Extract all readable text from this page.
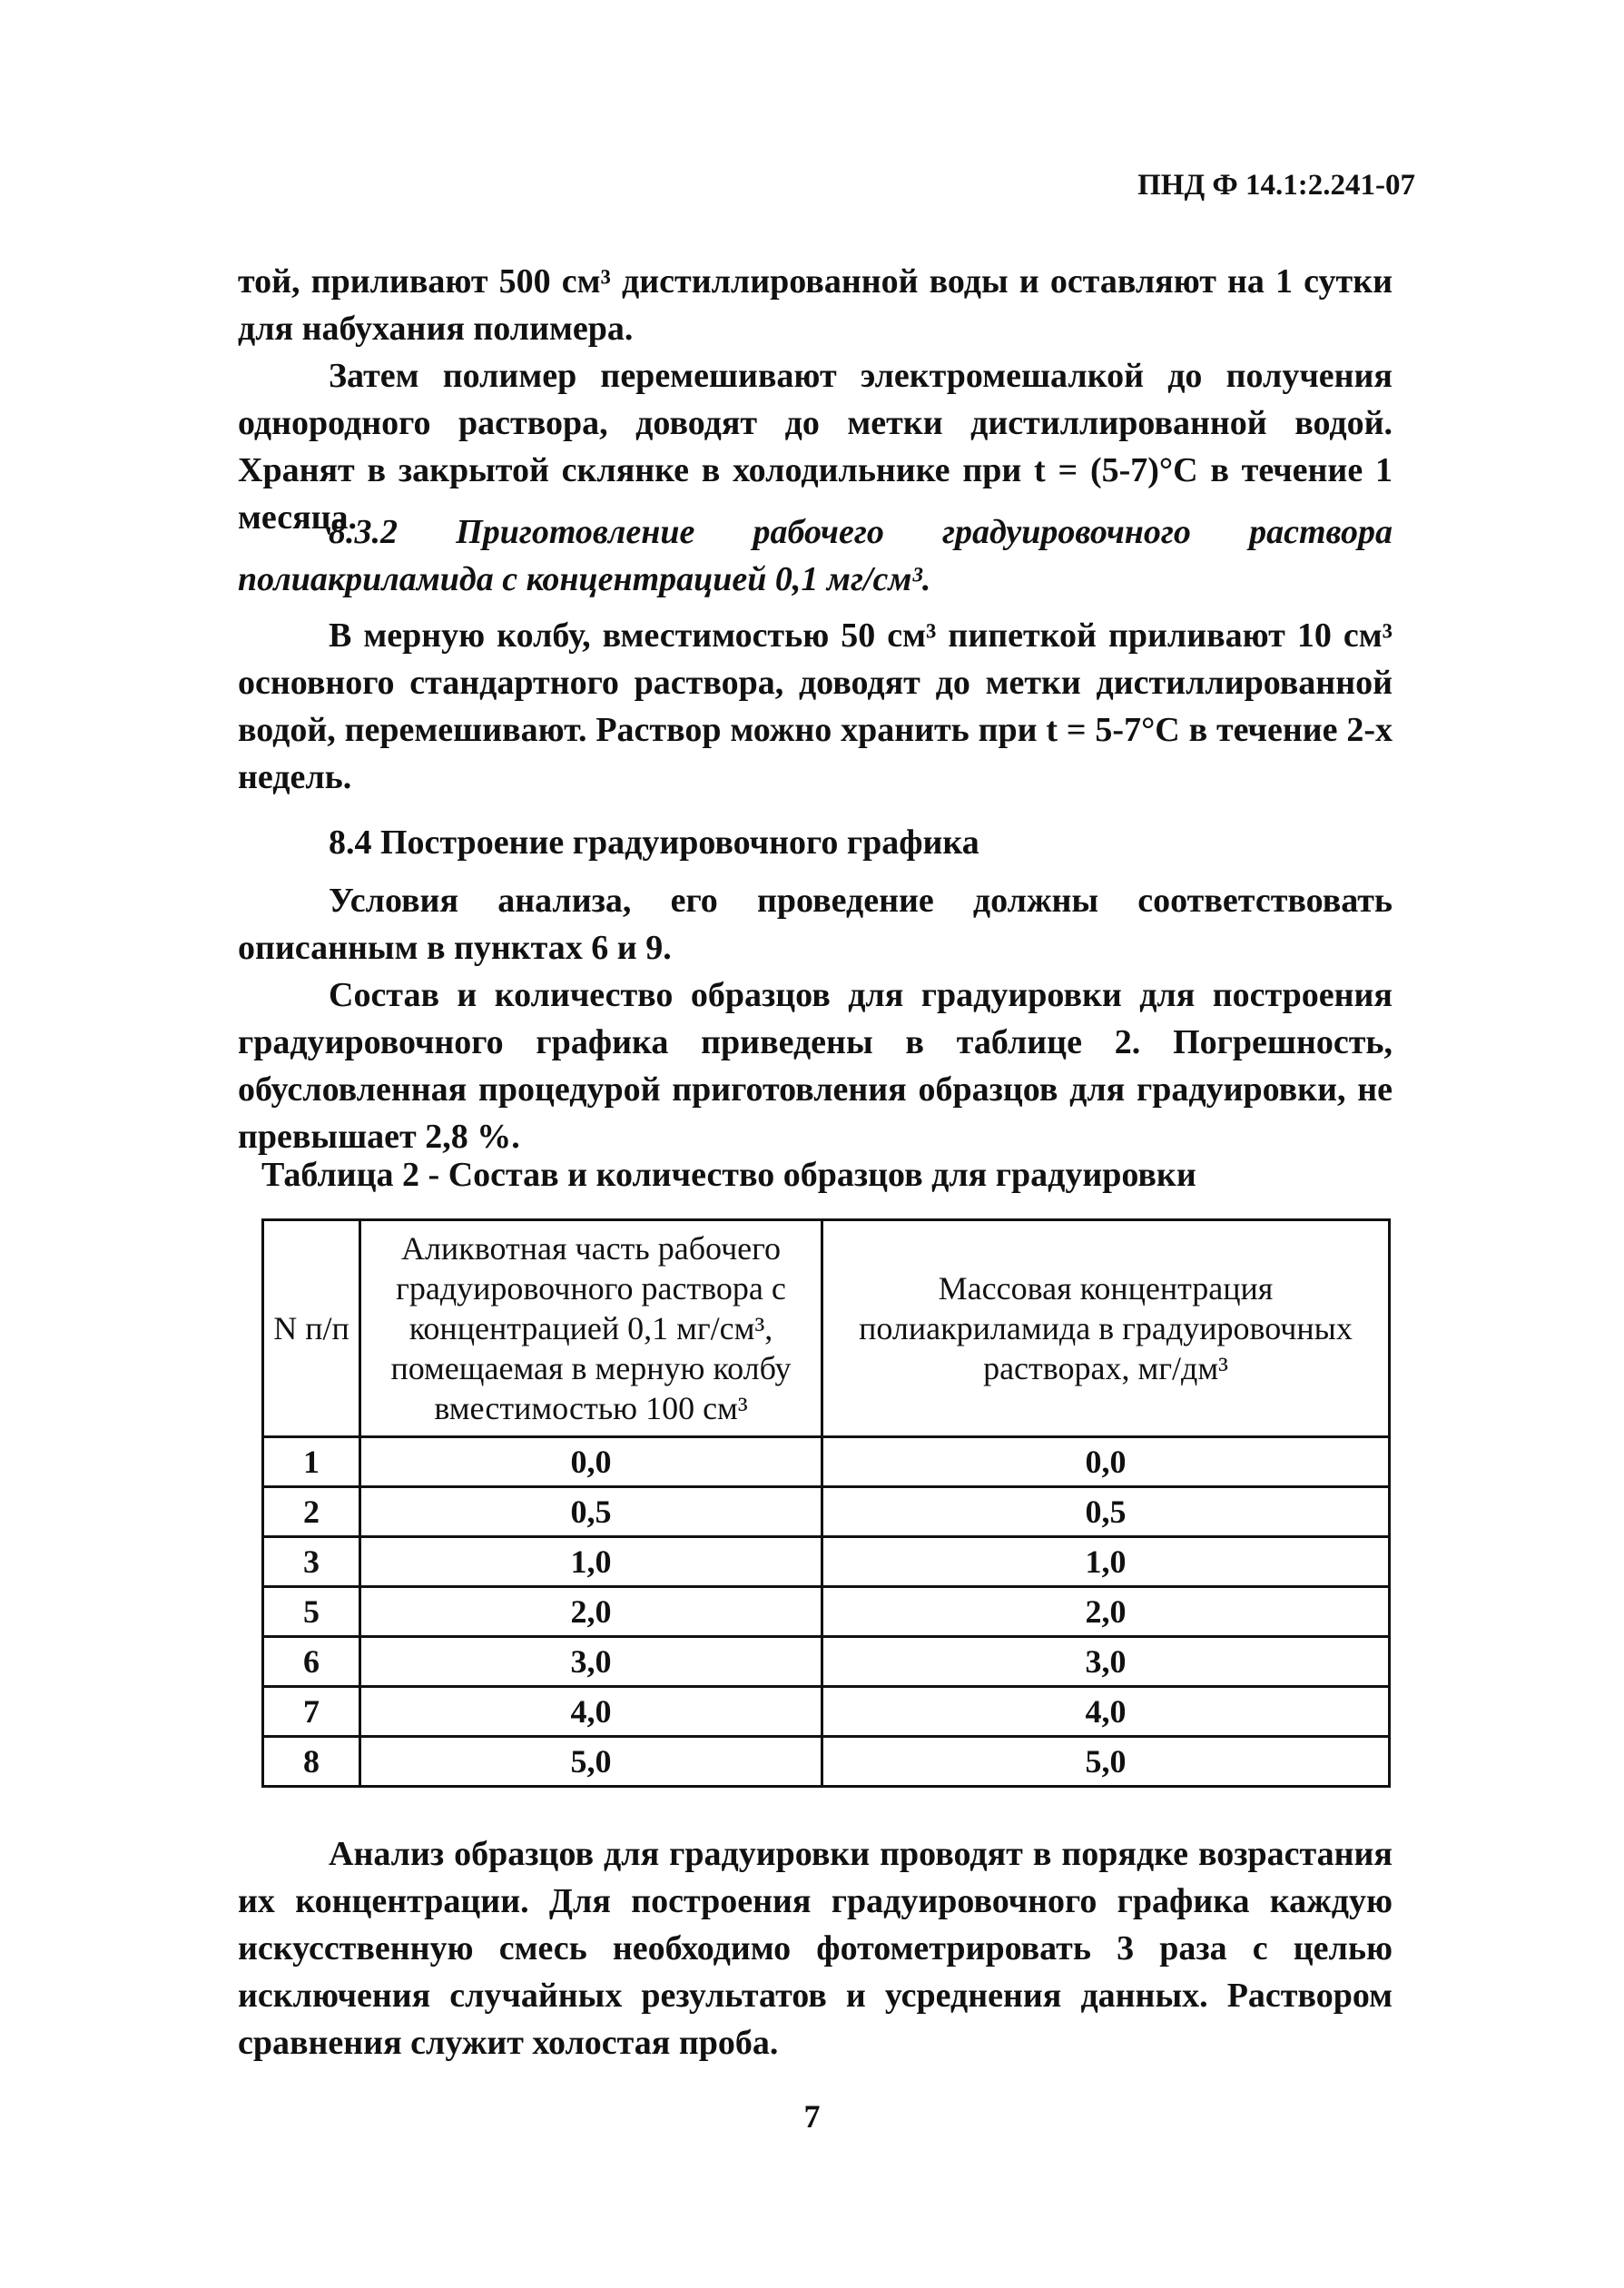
ПНД Ф 14.1:2.241-07
той, приливают 500 см³ дистиллированной воды и оставляют на 1 сутки для набухания полимера.
Затем полимер перемешивают электромешалкой до получения однородного раствора, доводят до метки дистиллированной водой. Хранят в закрытой склянке в холодильнике при t = (5-7)°С в течение 1 месяца.
8.3.2 Приготовление рабочего градуировочного раствора полиакриламида с концентрацией 0,1 мг/см³.
В мерную колбу, вместимостью 50 см³ пипеткой приливают 10 см³ основного стандартного раствора, доводят до метки дистиллированной водой, перемешивают. Раствор можно хранить при t = 5-7°С в течение 2-х недель.
8.4 Построение градуировочного графика
Условия анализа, его проведение должны соответствовать описанным в пунктах 6 и 9.
Состав и количество образцов для градуировки для построения градуировочного графика приведены в таблице 2. Погрешность, обусловленная процедурой приготовления образцов для градуировки, не превышает 2,8 %.
Таблица 2 - Состав и количество образцов для градуировки
N п/п	Аликвотная часть рабочего градуировочного раствора с концентрацией 0,1 мг/см³, помещаемая в мерную колбу вместимостью 100 см³	Массовая концентрация полиакриламида в градуировочных растворах, мг/дм³
1	0,0	0,0
2	0,5	0,5
3	1,0	1,0
5	2,0	2,0
6	3,0	3,0
7	4,0	4,0
8	5,0	5,0
Анализ образцов для градуировки проводят в порядке возрастания их концентрации. Для построения градуировочного графика каждую искусственную смесь необходимо фотометрировать 3 раза с целью исключения случайных результатов и усреднения данных. Раствором сравнения служит холостая проба.
7
